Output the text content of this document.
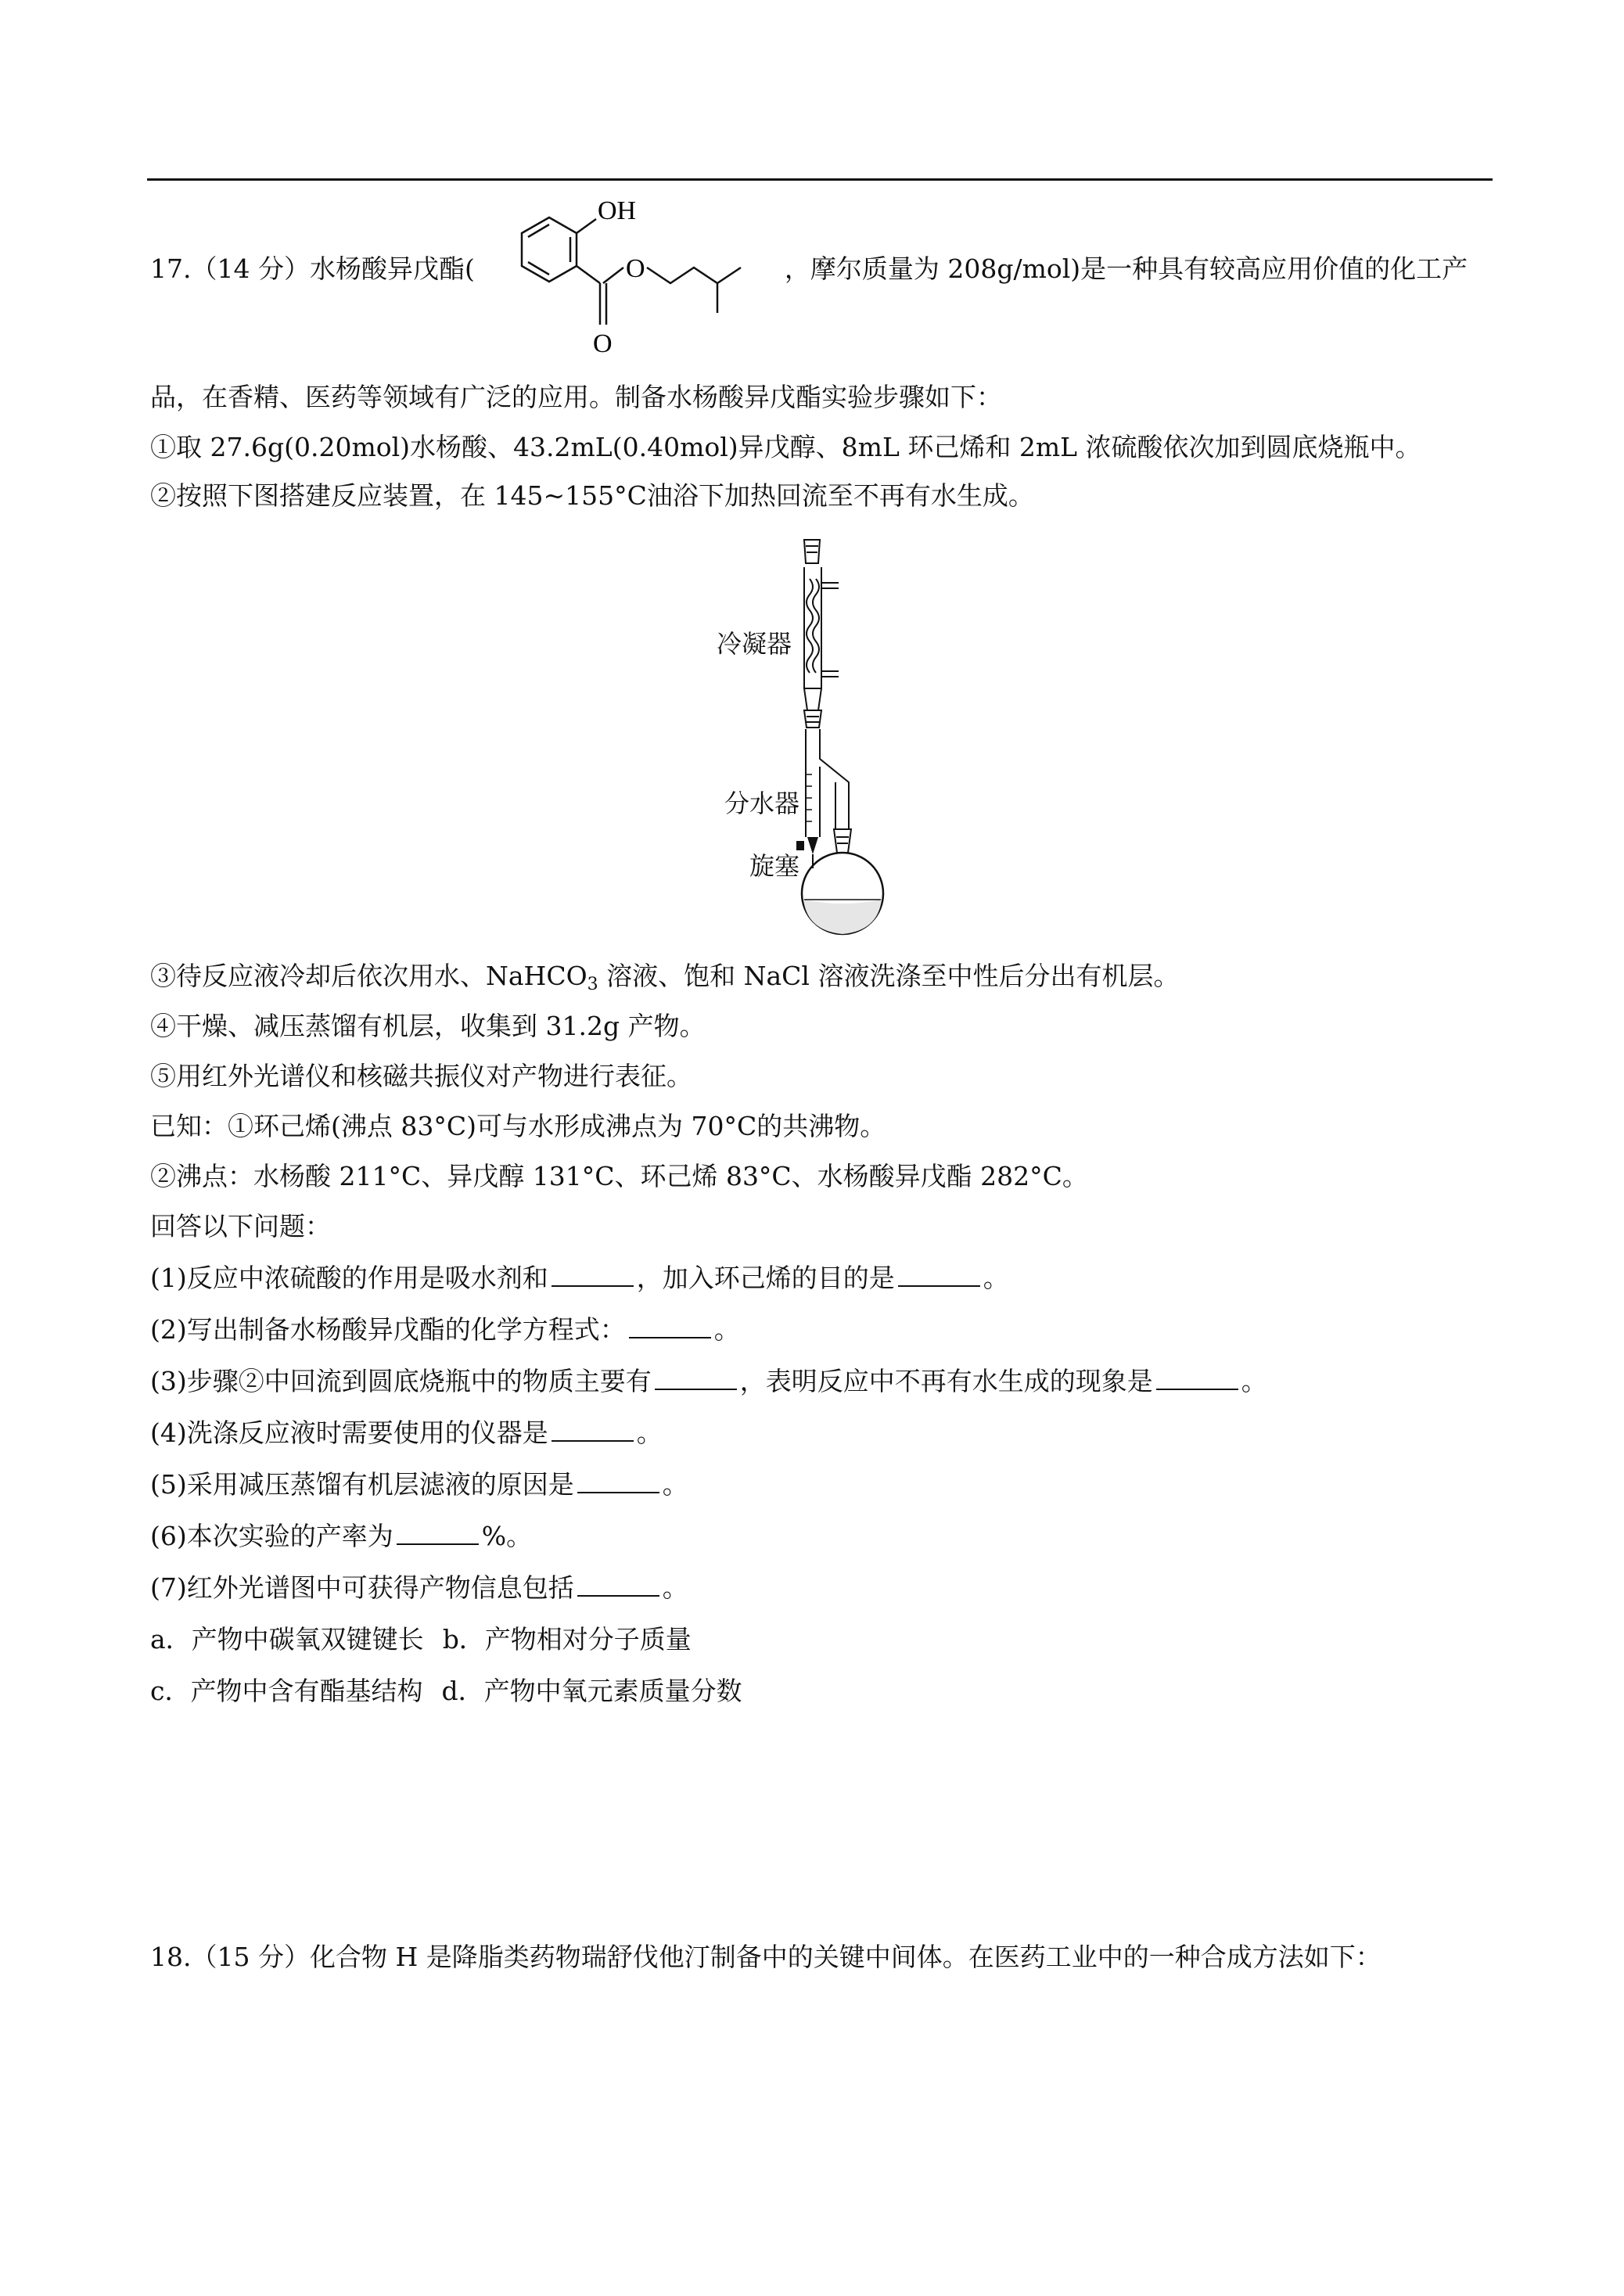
17.（14 分）水杨酸异戊酯(	，摩尔质量为 208g/mol)是一种具有较高应用价值的化工产
OH
O
O
品，在香精、医药等领域有广泛的应用。制备水杨酸异戊酯实验步骤如下：
①取 27.6g(0.20mol)水杨酸、43.2mL(0.40mol)异戊醇、8mL 环己烯和 2mL 浓硫酸依次加到圆底烧瓶中。
②按照下图搭建反应装置，在 145~155°C油浴下加热回流至不再有水生成。
冷凝器
分水器
旋塞
③待反应液冷却后依次用水、NaHCO$_3$ 溶液、饱和 NaCl 溶液洗涤至中性后分出有机层。
④干燥、减压蒸馏有机层，收集到 31.2g 产物。
⑤用红外光谱仪和核磁共振仪对产物进行表征。
已知：①环己烯(沸点 83°C)可与水形成沸点为 70°C的共沸物。
②沸点：水杨酸 211°C、异戊醇 131°C、环己烯 83°C、水杨酸异戊酯 282°C。
回答以下问题：
(1)反应中浓硫酸的作用是吸水剂和	，加入环己烯的目的是	。
(2)写出制备水杨酸异戊酯的化学方程式：	。
(3)步骤②中回流到圆底烧瓶中的物质主要有	，表明反应中不再有水生成的现象是	。
(4)洗涤反应液时需要使用的仪器是	。
(5)采用减压蒸馏有机层滤液的原因是	。
(6)本次实验的产率为	%。
(7)红外光谱图中可获得产物信息包括	。
a．产物中碳氧双键键长 b．产物相对分子质量
c．产物中含有酯基结构 d．产物中氧元素质量分数
18.（15 分）化合物 H 是降脂类药物瑞舒伐他汀制备中的关键中间体。在医药工业中的一种合成方法如下：
